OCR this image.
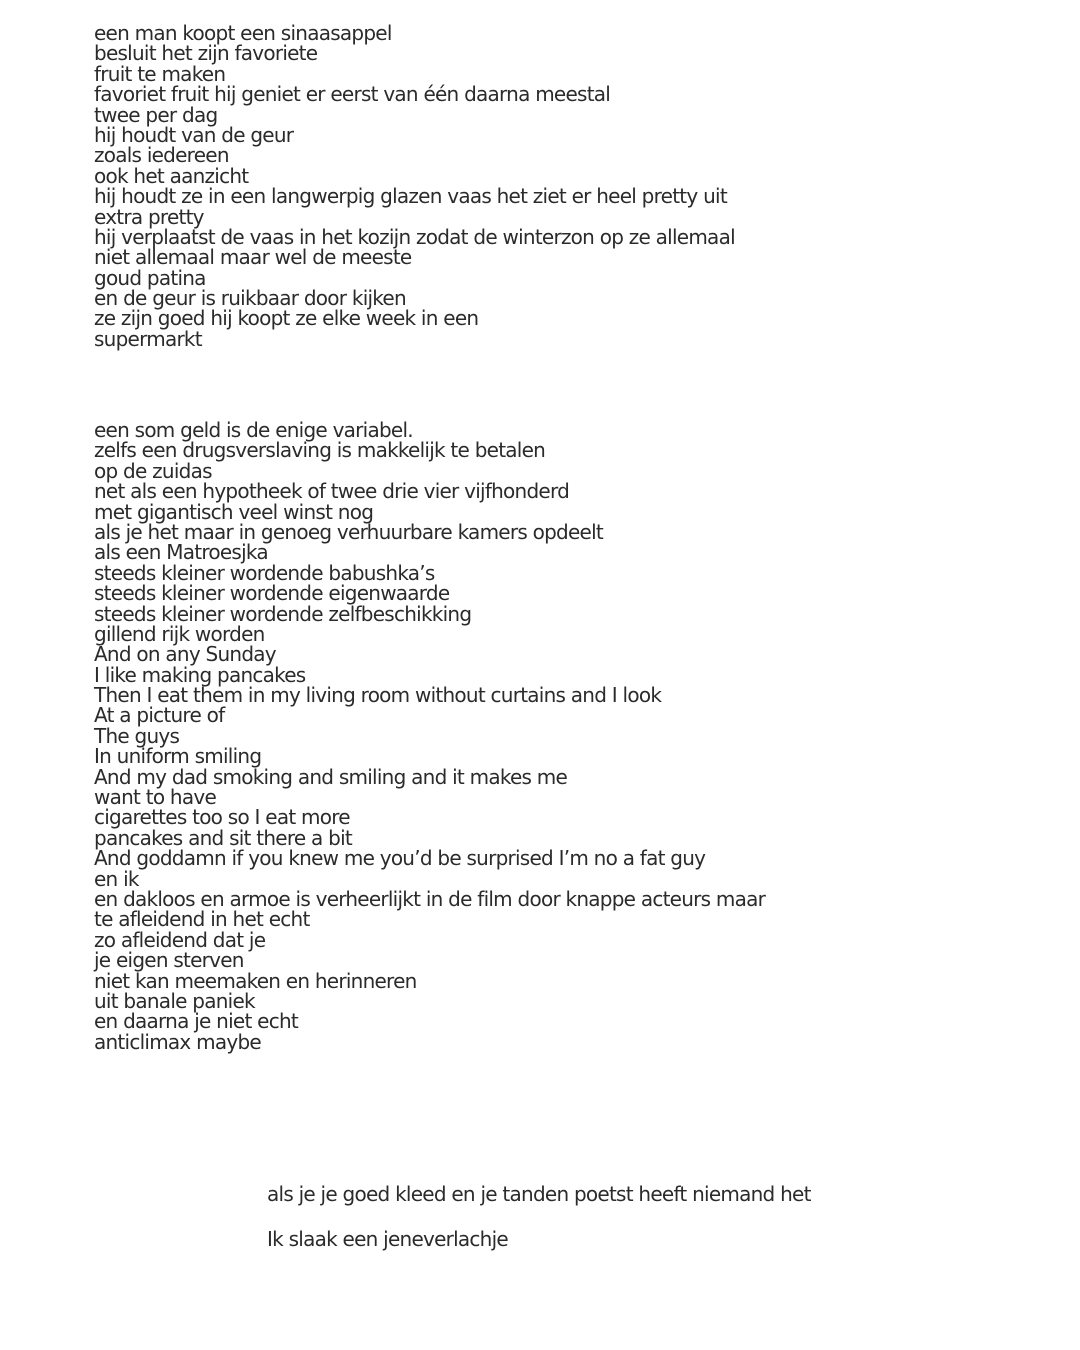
een man koopt een sinaasappel
besluit het zijn favoriete
fruit te maken
favoriet fruit hij geniet er eerst van één daarna meestal
twee per dag
hij houdt van de geur
zoals iedereen
ook het aanzicht
hij houdt ze in een langwerpig glazen vaas het ziet er heel pretty uit
extra pretty
hij verplaatst de vaas in het kozijn zodat de winterzon op ze allemaal
niet allemaal maar wel de meeste
goud patina
en de geur is ruikbaar door kijken
ze zijn goed hij koopt ze elke week in een
supermarkt
een som geld is de enige variabel.
zelfs een drugsverslaving is makkelijk te betalen
op de zuidas
net als een hypotheek of twee drie vier vijfhonderd
met gigantisch veel winst nog
als je het maar in genoeg verhuurbare kamers opdeelt
als een Matroesjka
steeds kleiner wordende babushka’s
steeds kleiner wordende eigenwaarde
steeds kleiner wordende zelfbeschikking
gillend rijk worden
And on any Sunday
I like making pancakes
Then I eat them in my living room without curtains and I look
At a picture of
The guys
In uniform smiling
And my dad smoking and smiling and it makes me
want to have
cigarettes too so I eat more
pancakes and sit there a bit
And goddamn if you knew me you’d be surprised I’m no a fat guy
en ik
en dakloos en armoe is verheerlijkt in de film door knappe acteurs maar
te afleidend in het echt
zo afleidend dat je
je eigen sterven
niet kan meemaken en herinneren
uit banale paniek
en daarna je niet echt
anticlimax maybe

als je je goed kleed en je tanden poetst heeft niemand het

Ik slaak een jeneverlachje
